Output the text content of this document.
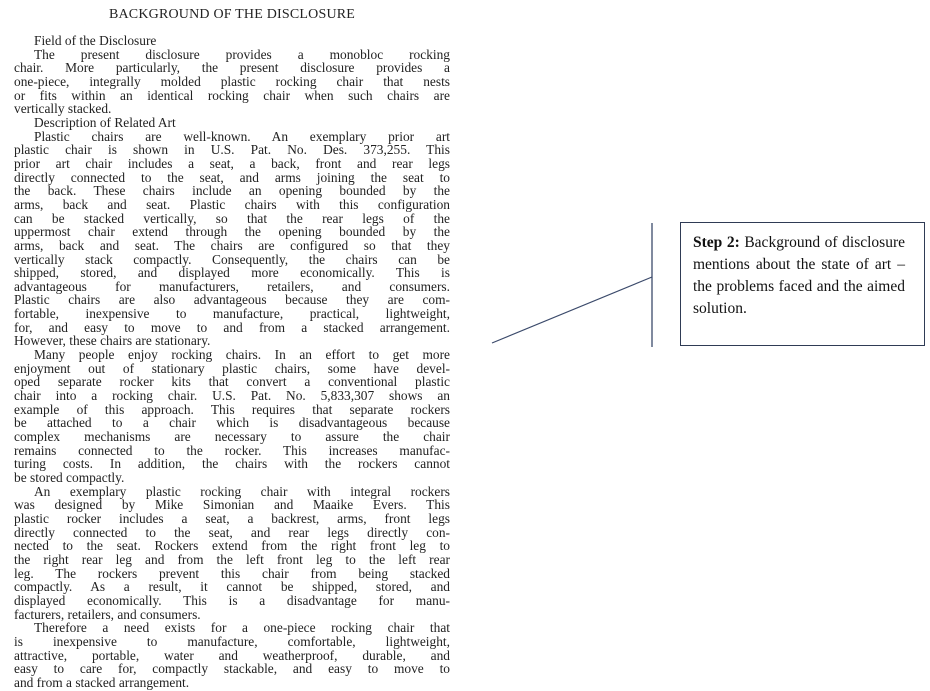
BACKGROUND OF THE DISCLOSURE
Field of the Disclosure
The present disclosure provides a monobloc rocking
chair. More particularly, the present disclosure provides a
one-piece, integrally molded plastic rocking chair that nests
or fits within an identical rocking chair when such chairs are
vertically stacked.
Description of Related Art
Plastic chairs are well-known. An exemplary prior art
plastic chair is shown in U.S. Pat. No. Des. 373,255. This
prior art chair includes a seat, a back, front and rear legs
directly connected to the seat, and arms joining the seat to
the back. These chairs include an opening bounded by the
arms, back and seat. Plastic chairs with this configuration
can be stacked vertically, so that the rear legs of the
uppermost chair extend through the opening bounded by the
arms, back and seat. The chairs are configured so that they
vertically stack compactly. Consequently, the chairs can be
shipped, stored, and displayed more economically. This is
advantageous for manufacturers, retailers, and consumers.
Plastic chairs are also advantageous because they are com-
fortable, inexpensive to manufacture, practical, lightweight,
for, and easy to move to and from a stacked arrangement.
However, these chairs are stationary.
Many people enjoy rocking chairs. In an effort to get more
enjoyment out of stationary plastic chairs, some have devel-
oped separate rocker kits that convert a conventional plastic
chair into a rocking chair. U.S. Pat. No. 5,833,307 shows an
example of this approach. This requires that separate rockers
be attached to a chair which is disadvantageous because
complex mechanisms are necessary to assure the chair
remains connected to the rocker. This increases manufac-
turing costs. In addition, the chairs with the rockers cannot
be stored compactly.
An exemplary plastic rocking chair with integral rockers
was designed by Mike Simonian and Maaike Evers. This
plastic rocker includes a seat, a backrest, arms, front legs
directly connected to the seat, and rear legs directly con-
nected to the seat. Rockers extend from the right front leg to
the right rear leg and from the left front leg to the left rear
leg. The rockers prevent this chair from being stacked
compactly. As a result, it cannot be shipped, stored, and
displayed economically. This is a disadvantage for manu-
facturers, retailers, and consumers.
Therefore a need exists for a one-piece rocking chair that
is inexpensive to manufacture, comfortable, lightweight,
attractive, portable, water and weatherproof, durable, and
easy to care for, compactly stackable, and easy to move to
and from a stacked arrangement.
Step 2: Background of disclosure mentions about the state of art – the problems faced and the aimed solution.
